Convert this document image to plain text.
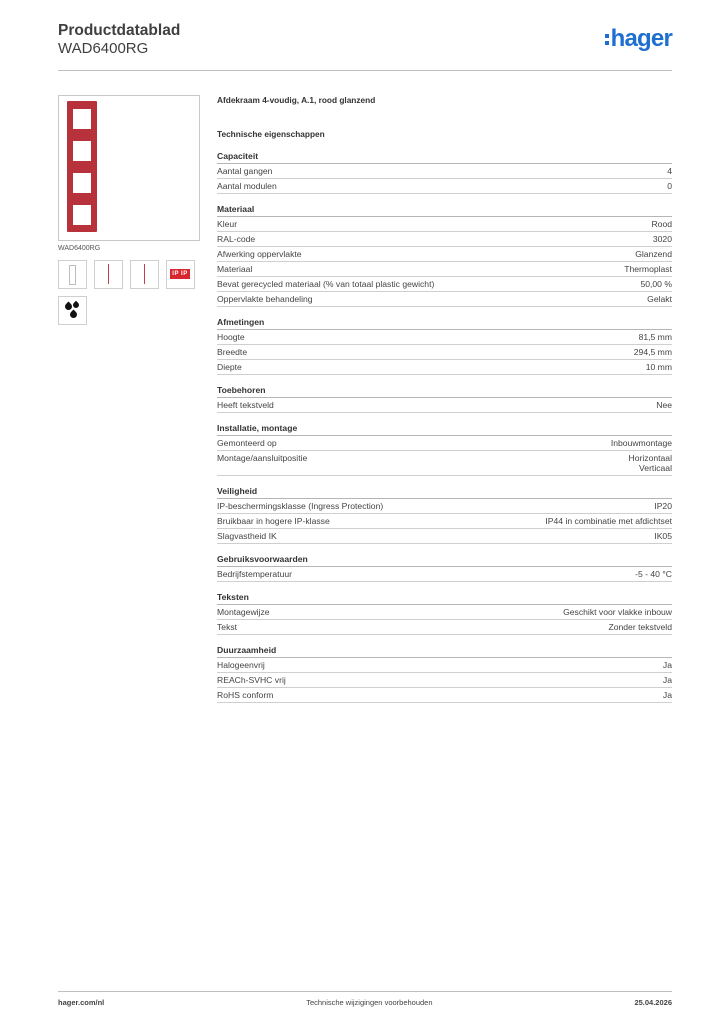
Productdatablad
WAD6400RG	hager
WAD6400RG
IP IP
Afdekraam 4-voudig, A.1, rood glanzend
Technische eigenschappen
Capaciteit
Aantal gangen	4
Aantal modulen	0
Materiaal
Kleur	Rood
RAL-code	3020
Afwerking oppervlakte	Glanzend
Materiaal	Thermoplast
Bevat gerecycled materiaal (% van totaal plastic gewicht)	50,00 %
Oppervlakte behandeling	Gelakt
Afmetingen
Hoogte	81,5 mm
Breedte	294,5 mm
Diepte	10 mm
Toebehoren
Heeft tekstveld	Nee
Installatie, montage
Gemonteerd op	Inbouwmontage
Montage/aansluitpositie	Horizontaal
Verticaal
Veiligheid
IP-beschermingsklasse (Ingress Protection)	IP20
Bruikbaar in hogere IP-klasse	IP44 in combinatie met afdichtset
Slagvastheid IK	IK05
Gebruiksvoorwaarden
Bedrijfstemperatuur	-5 - 40 °C
Teksten
Montagewijze	Geschikt voor vlakke inbouw
Tekst	Zonder tekstveld
Duurzaamheid
Halogeenvrij	Ja
REACh-SVHC vrij	Ja
RoHS conform	Ja
hager.com/nl	Technische wijzigingen voorbehouden	25.04.2026
